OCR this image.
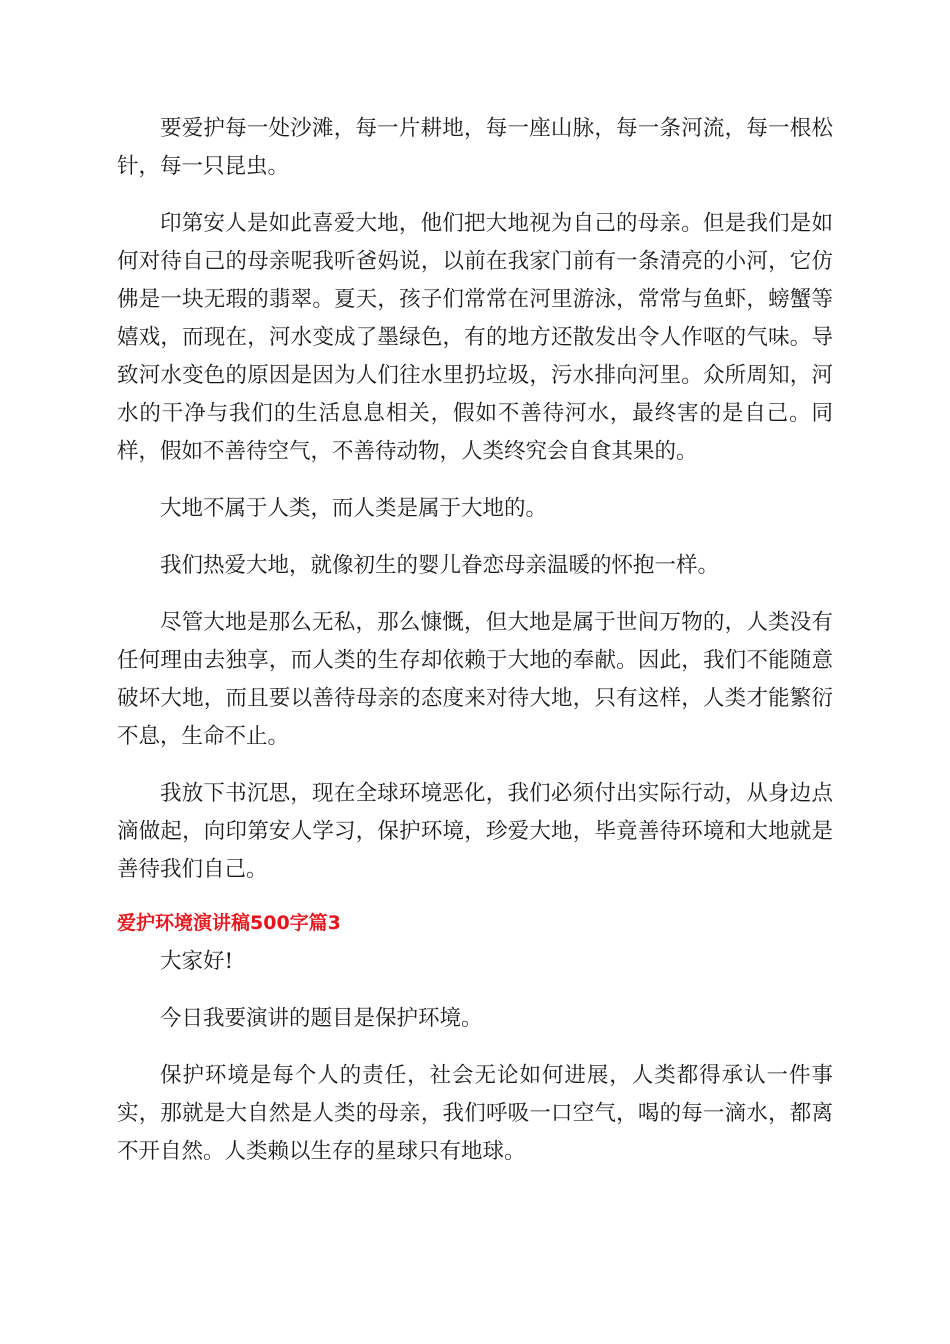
要爱护每一处沙滩，每一片耕地，每一座山脉，每一条河流，每一根松针，每一只昆虫。

印第安人是如此喜爱大地，他们把大地视为自己的母亲。但是我们是如何对待自己的母亲呢我听爸妈说，以前在我家门前有一条清亮的小河，它仿佛是一块无瑕的翡翠。夏天，孩子们常常在河里游泳，常常与鱼虾，螃蟹等嬉戏，而现在，河水变成了墨绿色，有的地方还散发出令人作呕的气味。导致河水变色的原因是因为人们往水里扔垃圾，污水排向河里。众所周知，河水的干净与我们的生活息息相关，假如不善待河水，最终害的是自己。同样，假如不善待空气，不善待动物，人类终究会自食其果的。

大地不属于人类，而人类是属于大地的。

我们热爱大地，就像初生的婴儿眷恋母亲温暖的怀抱一样。

尽管大地是那么无私，那么慷慨，但大地是属于世间万物的，人类没有任何理由去独享，而人类的生存却依赖于大地的奉献。因此，我们不能随意破坏大地，而且要以善待母亲的态度来对待大地，只有这样，人类才能繁衍不息，生命不止。

我放下书沉思，现在全球环境恶化，我们必须付出实际行动，从身边点滴做起，向印第安人学习，保护环境，珍爱大地，毕竟善待环境和大地就是善待我们自己。

爱护环境演讲稿500字篇3

大家好!

今日我要演讲的题目是保护环境。

保护环境是每个人的责任，社会无论如何进展，人类都得承认一件事实，那就是大自然是人类的母亲，我们呼吸一口空气，喝的每一滴水，都离不开自然。人类赖以生存的星球只有地球。
